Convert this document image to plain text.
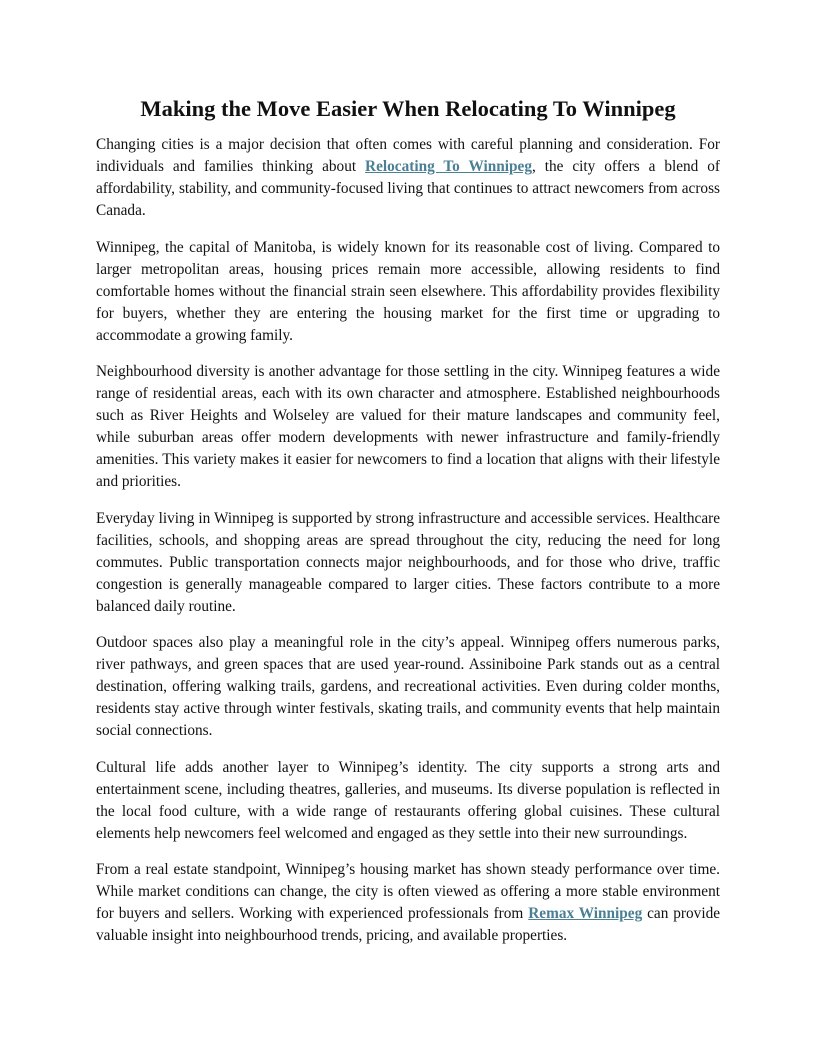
Making the Move Easier When Relocating To Winnipeg

Changing cities is a major decision that often comes with careful planning and consideration. For individuals and families thinking about Relocating To Winnipeg, the city offers a blend of affordability, stability, and community-focused living that continues to attract newcomers from across Canada.

Winnipeg, the capital of Manitoba, is widely known for its reasonable cost of living. Compared to larger metropolitan areas, housing prices remain more accessible, allowing residents to find comfortable homes without the financial strain seen elsewhere. This affordability provides flexibility for buyers, whether they are entering the housing market for the first time or upgrading to accommodate a growing family.

Neighbourhood diversity is another advantage for those settling in the city. Winnipeg features a wide range of residential areas, each with its own character and atmosphere. Established neighbourhoods such as River Heights and Wolseley are valued for their mature landscapes and community feel, while suburban areas offer modern developments with newer infrastructure and family-friendly amenities. This variety makes it easier for newcomers to find a location that aligns with their lifestyle and priorities.

Everyday living in Winnipeg is supported by strong infrastructure and accessible services. Healthcare facilities, schools, and shopping areas are spread throughout the city, reducing the need for long commutes. Public transportation connects major neighbourhoods, and for those who drive, traffic congestion is generally manageable compared to larger cities. These factors contribute to a more balanced daily routine.

Outdoor spaces also play a meaningful role in the city’s appeal. Winnipeg offers numerous parks, river pathways, and green spaces that are used year-round. Assiniboine Park stands out as a central destination, offering walking trails, gardens, and recreational activities. Even during colder months, residents stay active through winter festivals, skating trails, and community events that help maintain social connections.

Cultural life adds another layer to Winnipeg’s identity. The city supports a strong arts and entertainment scene, including theatres, galleries, and museums. Its diverse population is reflected in the local food culture, with a wide range of restaurants offering global cuisines. These cultural elements help newcomers feel welcomed and engaged as they settle into their new surroundings.

From a real estate standpoint, Winnipeg’s housing market has shown steady performance over time. While market conditions can change, the city is often viewed as offering a more stable environment for buyers and sellers. Working with experienced professionals from Remax Winnipeg can provide valuable insight into neighbourhood trends, pricing, and available properties.
